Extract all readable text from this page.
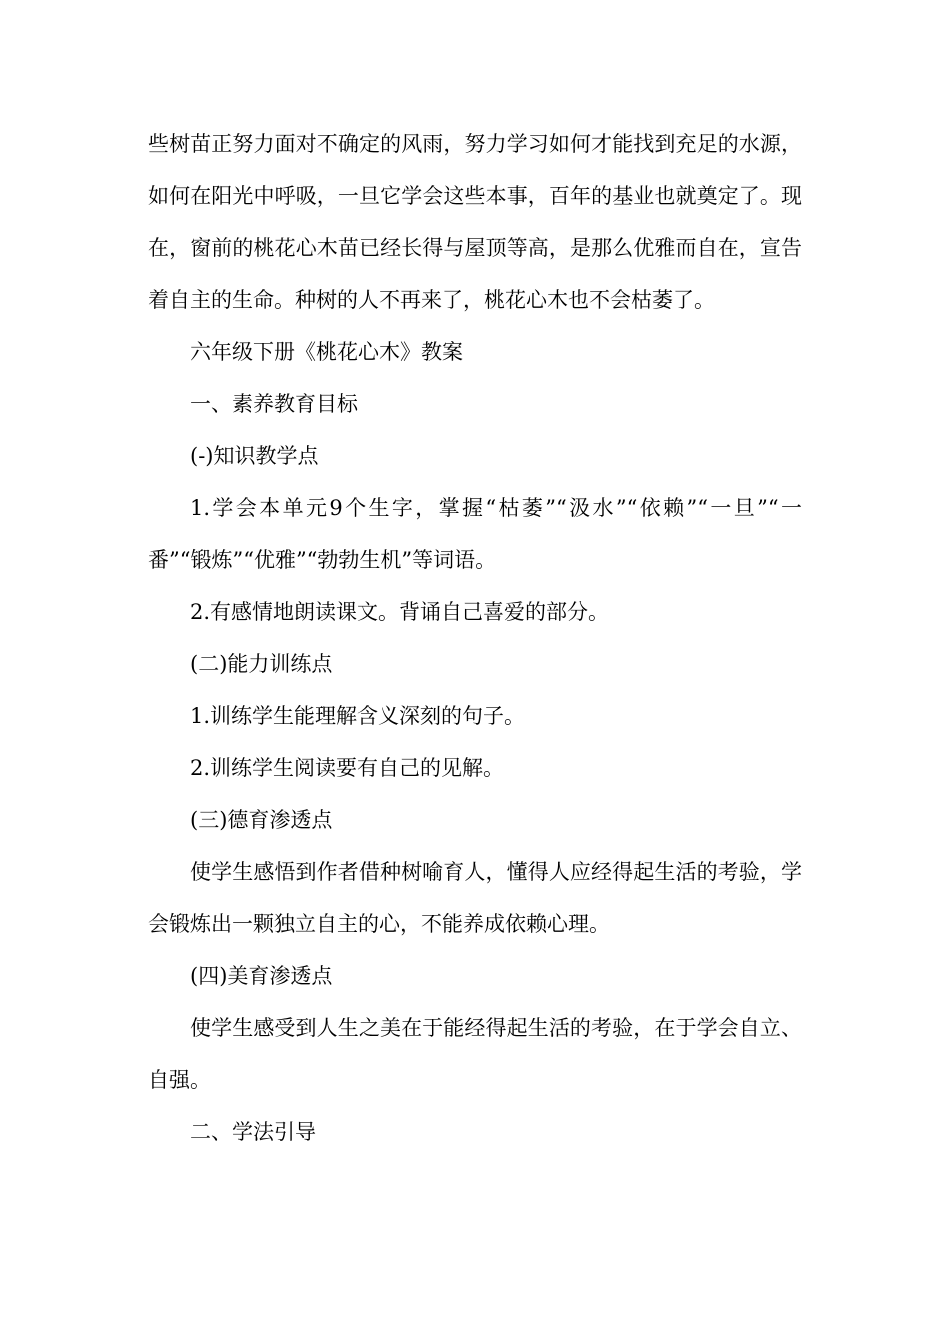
些树苗正努力面对不确定的风雨，努力学习如何才能找到充足的水源，如何在阳光中呼吸，一旦它学会这些本事，百年的基业也就奠定了。现在，窗前的桃花心木苗已经长得与屋顶等高，是那么优雅而自在，宣告着自主的生命。种树的人不再来了，桃花心木也不会枯萎了。

六年级下册《桃花心木》教案

一、素养教育目标

(-)知识教学点

1.学会本单元9个生字，掌握“枯萎”“汲水”“依赖”“一旦”“一番”“锻炼”“优雅”“勃勃生机”等词语。

2.有感情地朗读课文。背诵自己喜爱的部分。

(二)能力训练点

1.训练学生能理解含义深刻的句子。

2.训练学生阅读要有自己的见解。

(三)德育渗透点

使学生感悟到作者借种树喻育人，懂得人应经得起生活的考验，学会锻炼出一颗独立自主的心，不能养成依赖心理。

(四)美育渗透点

使学生感受到人生之美在于能经得起生活的考验，在于学会自立、自强。

二、学法引导
